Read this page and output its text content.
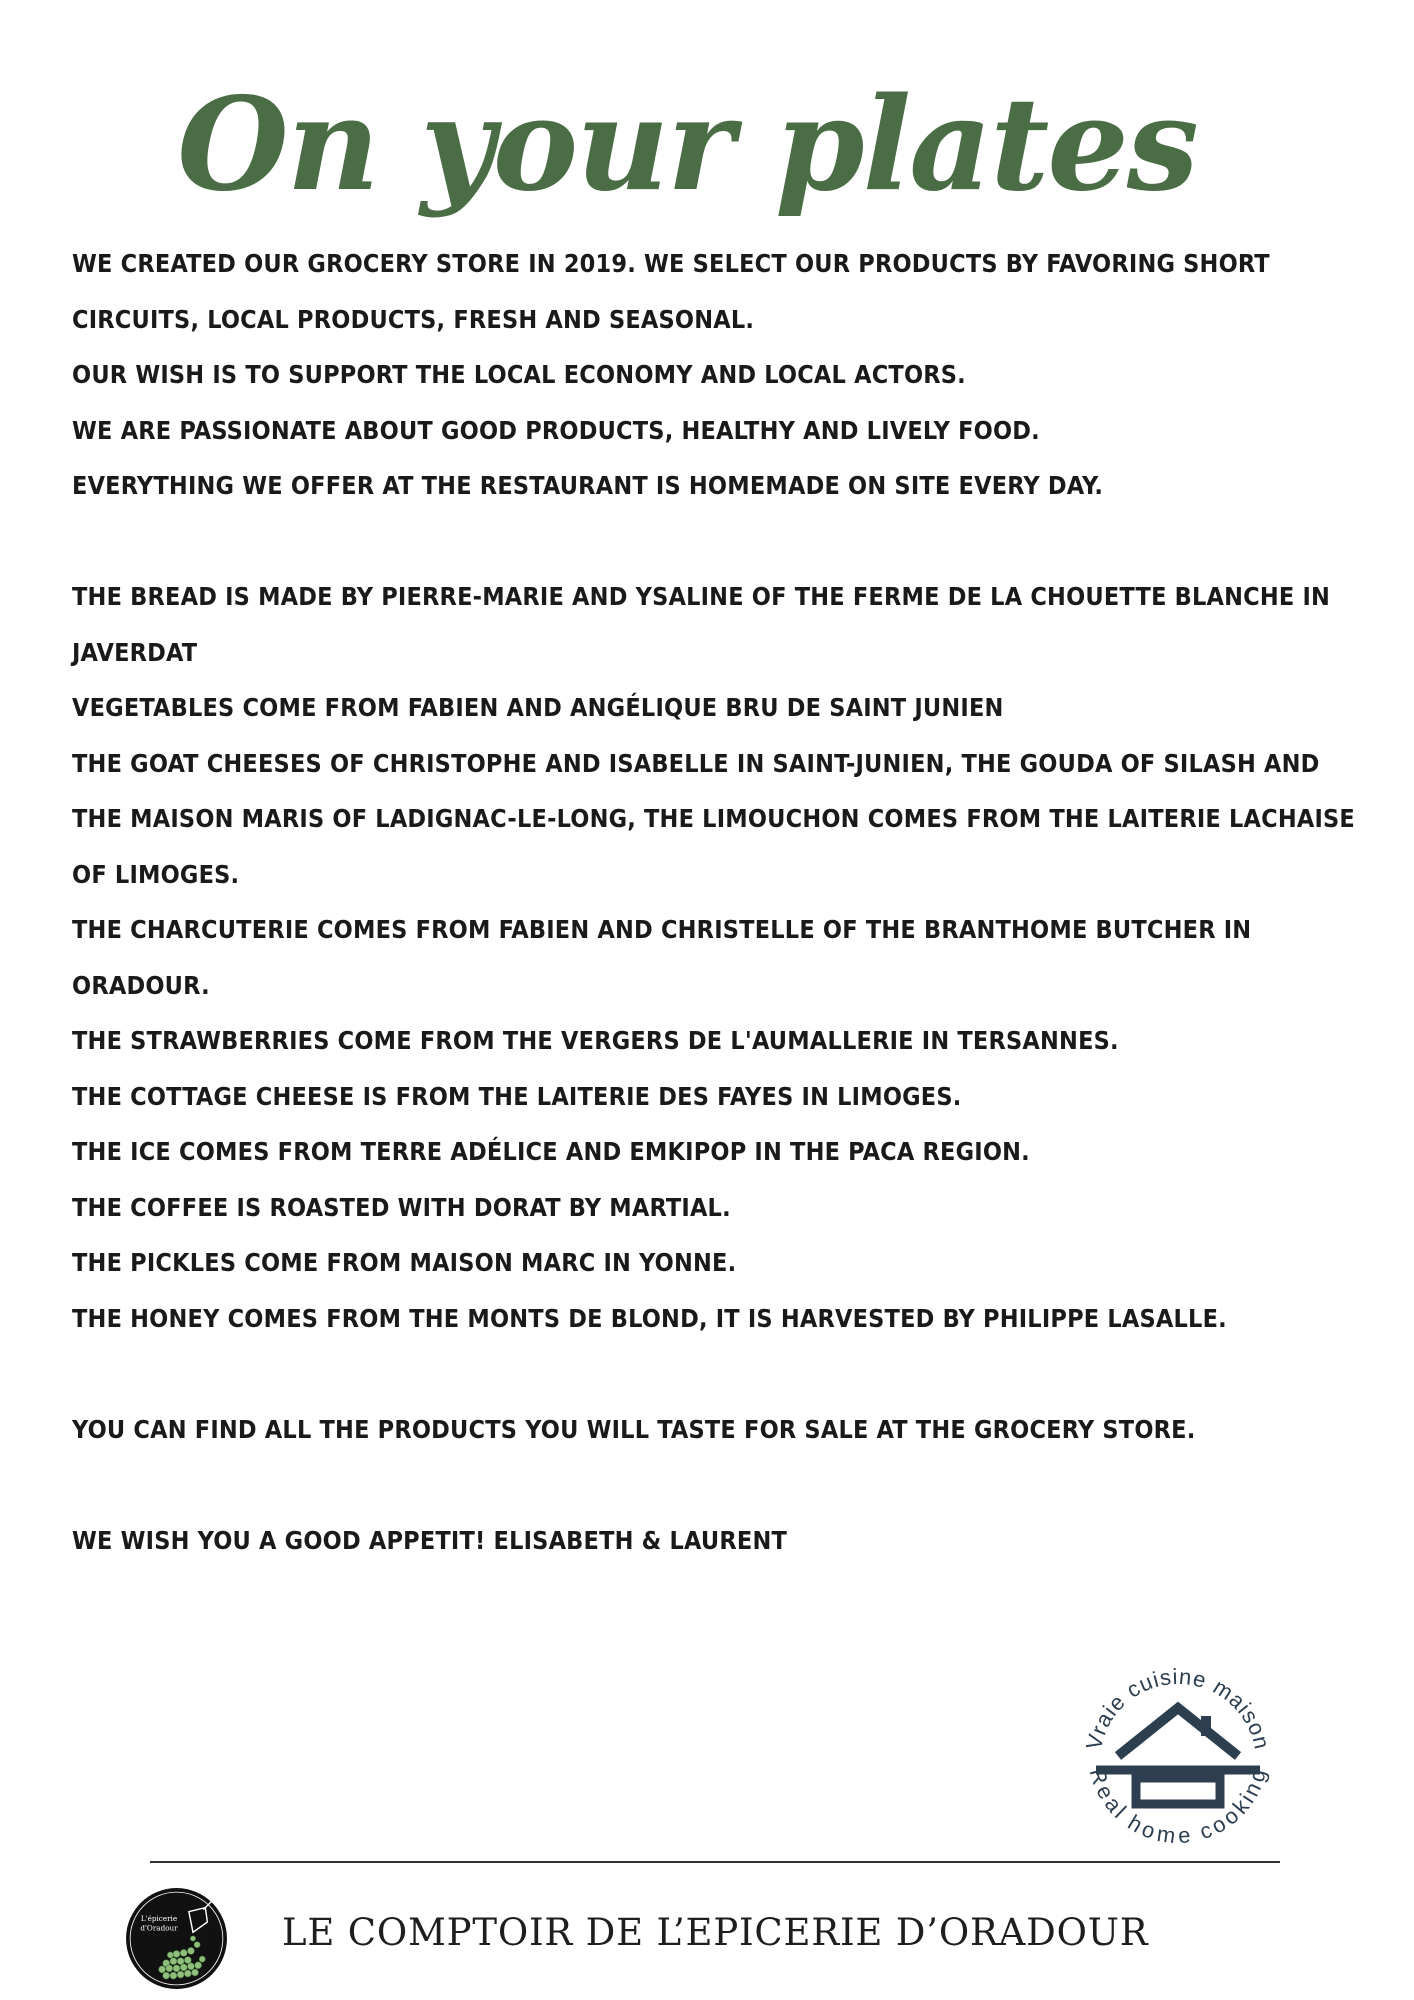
On your plates

WE CREATED OUR GROCERY STORE IN 2019. WE SELECT OUR PRODUCTS BY FAVORING SHORT CIRCUITS, LOCAL PRODUCTS, FRESH AND SEASONAL.

OUR WISH IS TO SUPPORT THE LOCAL ECONOMY AND LOCAL ACTORS.

WE ARE PASSIONATE ABOUT GOOD PRODUCTS, HEALTHY AND LIVELY FOOD.

EVERYTHING WE OFFER AT THE RESTAURANT IS HOMEMADE ON SITE EVERY DAY.

THE BREAD IS MADE BY PIERRE-MARIE AND YSALINE OF THE FERME DE LA CHOUETTE BLANCHE IN JAVERDAT

VEGETABLES COME FROM FABIEN AND ANGÉLIQUE BRU DE SAINT JUNIEN

THE GOAT CHEESES OF CHRISTOPHE AND ISABELLE IN SAINT-JUNIEN, THE GOUDA OF SILASH AND THE MAISON MARIS OF LADIGNAC-LE-LONG, THE LIMOUCHON COMES FROM THE LAITERIE LACHAISE OF LIMOGES.

THE CHARCUTERIE COMES FROM FABIEN AND CHRISTELLE OF THE BRANTHOME BUTCHER IN ORADOUR.

THE STRAWBERRIES COME FROM THE VERGERS DE L'AUMALLERIE IN TERSANNES.

THE COTTAGE CHEESE IS FROM THE LAITERIE DES FAYES IN LIMOGES.

THE ICE COMES FROM TERRE ADÉLICE AND EMKIPOP IN THE PACA REGION.

THE COFFEE IS ROASTED WITH DORAT BY MARTIAL.

THE PICKLES COME FROM MAISON MARC IN YONNE.

THE HONEY COMES FROM THE MONTS DE BLOND, IT IS HARVESTED BY PHILIPPE LASALLE.

YOU CAN FIND ALL THE PRODUCTS YOU WILL TASTE FOR SALE AT THE GROCERY STORE.

WE WISH YOU A GOOD APPETIT! ELISABETH & LAURENT

Vraie cuisine maison
Real home cooking
L'épicerie
d'Oradour	LE COMPTOIR DE L’EPICERIE D’ORADOUR
